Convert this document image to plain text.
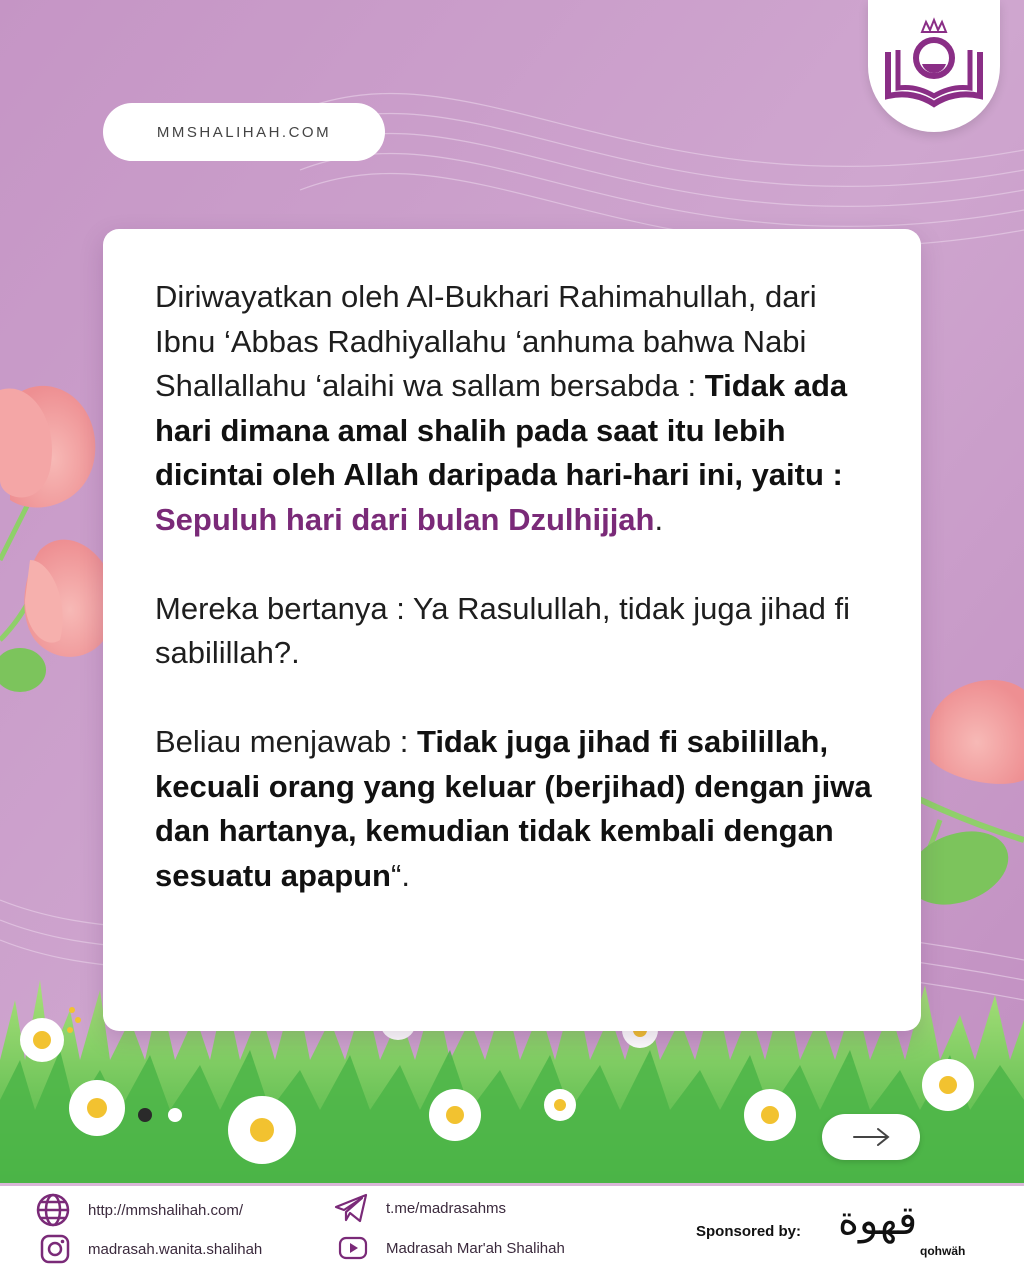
MMSHALIHAH.COM

Diriwayatkan oleh Al-Bukhari Rahimahullah, dari Ibnu ‘Abbas Radhiyallahu ‘anhuma bahwa Nabi Shallallahu ‘alaihi wa sallam bersabda : Tidak ada hari dimana amal shalih pada saat itu lebih dicintai oleh Allah daripada hari-hari ini, yaitu : Sepuluh hari dari bulan Dzulhijjah.

Mereka bertanya : Ya Rasulullah, tidak juga jihad fi sabilillah?.

Beliau menjawab : Tidak juga jihad fi sabilillah, kecuali orang yang keluar (berjihad) dengan jiwa dan hartanya, kemudian tidak kembali dengan sesuatu apapun“.

http://mmshalihah.com/
madrasah.wanita.shalihah
t.me/madrasahms
Madrasah Mar'ah Shalihah
Sponsored by: قهوة
qohwäh
